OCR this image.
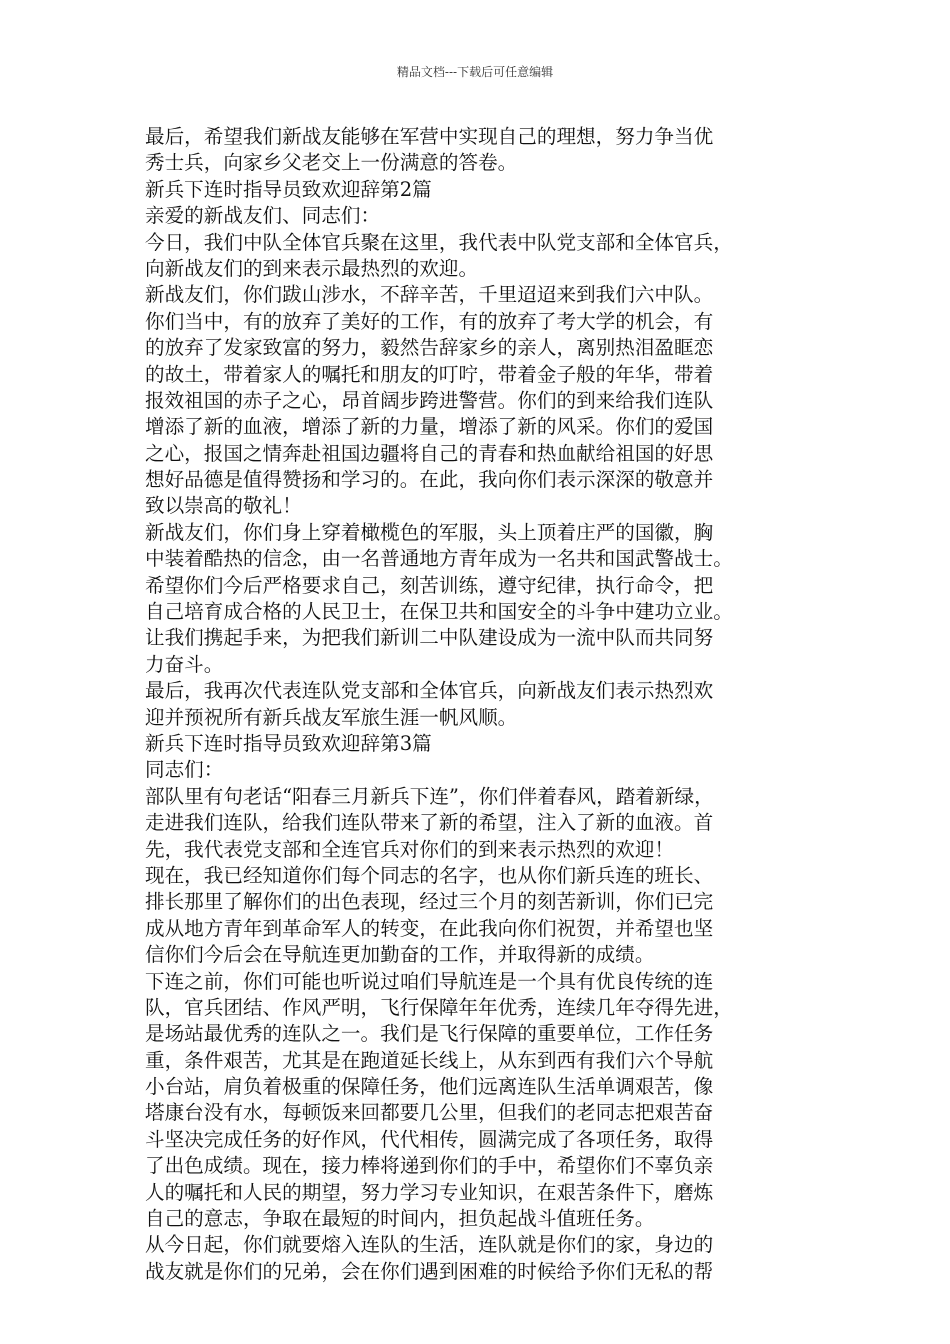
精品文档---下载后可任意编辑
最后，希望我们新战友能够在军营中实现自己的理想，努力争当优
秀士兵，向家乡父老交上一份满意的答卷。
新兵下连时指导员致欢迎辞第2篇
亲爱的新战友们、同志们：
今日，我们中队全体官兵聚在这里，我代表中队党支部和全体官兵，
向新战友们的到来表示最热烈的欢迎。
新战友们，你们跋山涉水，不辞辛苦，千里迢迢来到我们六中队。
你们当中，有的放弃了美好的工作，有的放弃了考大学的机会，有
的放弃了发家致富的努力，毅然告辞家乡的亲人，离别热泪盈眶恋
的故土，带着家人的嘱托和朋友的叮咛，带着金子般的年华，带着
报效祖国的赤子之心，昂首阔步跨进警营。你们的到来给我们连队
增添了新的血液，增添了新的力量，增添了新的风采。你们的爱国
之心，报国之情奔赴祖国边疆将自己的青春和热血献给祖国的好思
想好品德是值得赞扬和学习的。在此，我向你们表示深深的敬意并
致以崇高的敬礼！
新战友们，你们身上穿着橄榄色的军服，头上顶着庄严的国徽，胸
中装着酷热的信念，由一名普通地方青年成为一名共和国武警战士。
希望你们今后严格要求自己，刻苦训练，遵守纪律，执行命令，把
自己培育成合格的人民卫士，在保卫共和国安全的斗争中建功立业。
让我们携起手来，为把我们新训二中队建设成为一流中队而共同努
力奋斗。
最后，我再次代表连队党支部和全体官兵，向新战友们表示热烈欢
迎并预祝所有新兵战友军旅生涯一帆风顺。
新兵下连时指导员致欢迎辞第3篇
同志们：
部队里有句老话“阳春三月新兵下连”，你们伴着春风，踏着新绿，
走进我们连队，给我们连队带来了新的希望，注入了新的血液。首
先，我代表党支部和全连官兵对你们的到来表示热烈的欢迎！
现在，我已经知道你们每个同志的名字，也从你们新兵连的班长、
排长那里了解你们的出色表现，经过三个月的刻苦新训，你们已完
成从地方青年到革命军人的转变，在此我向你们祝贺，并希望也坚
信你们今后会在导航连更加勤奋的工作，并取得新的成绩。
下连之前，你们可能也听说过咱们导航连是一个具有优良传统的连
队，官兵团结、作风严明，飞行保障年年优秀，连续几年夺得先进，
是场站最优秀的连队之一。我们是飞行保障的重要单位，工作任务
重，条件艰苦，尤其是在跑道延长线上，从东到西有我们六个导航
小台站，肩负着极重的保障任务，他们远离连队生活单调艰苦，像
塔康台没有水，每顿饭来回都要几公里，但我们的老同志把艰苦奋
斗坚决完成任务的好作风，代代相传，圆满完成了各项任务，取得
了出色成绩。现在，接力棒将递到你们的手中，希望你们不辜负亲
人的嘱托和人民的期望，努力学习专业知识，在艰苦条件下，磨炼
自己的意志，争取在最短的时间内，担负起战斗值班任务。
从今日起，你们就要熔入连队的生活，连队就是你们的家，身边的
战友就是你们的兄弟，会在你们遇到困难的时候给予你们无私的帮
